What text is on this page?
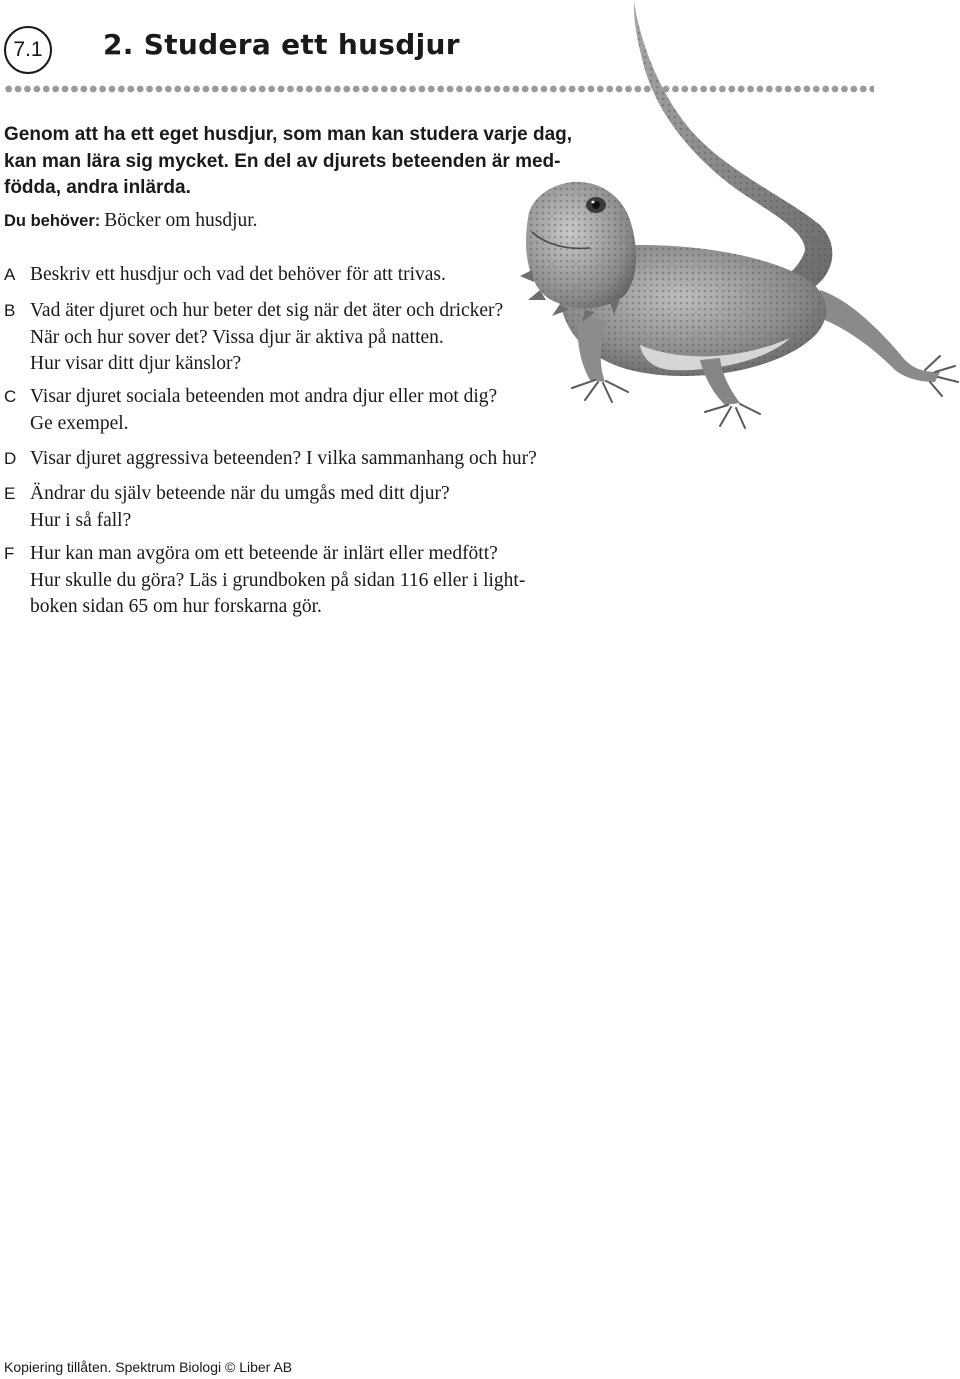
7.1 2. Studera ett husdjur
Genom att ha ett eget husdjur, som man kan studera varje dag,
kan man lära sig mycket. En del av djurets beteenden är med-
födda, andra inlärda.
Du behöver: Böcker om husdjur.
A Beskriv ett husdjur och vad det behöver för att trivas.
B Vad äter djuret och hur beter det sig när det äter och dricker?
När och hur sover det? Vissa djur är aktiva på natten.
Hur visar ditt djur känslor?
C Visar djuret sociala beteenden mot andra djur eller mot dig?
Ge exempel.
D Visar djuret aggressiva beteenden? I vilka sammanhang och hur?
E Ändrar du själv beteende när du umgås med ditt djur?
Hur i så fall?
F Hur kan man avgöra om ett beteende är inlärt eller medfött?
Hur skulle du göra? Läs i grundboken på sidan 116 eller i light-
boken sidan 65 om hur forskarna gör.
Kopiering tillåten. Spektrum Biologi © Liber AB
